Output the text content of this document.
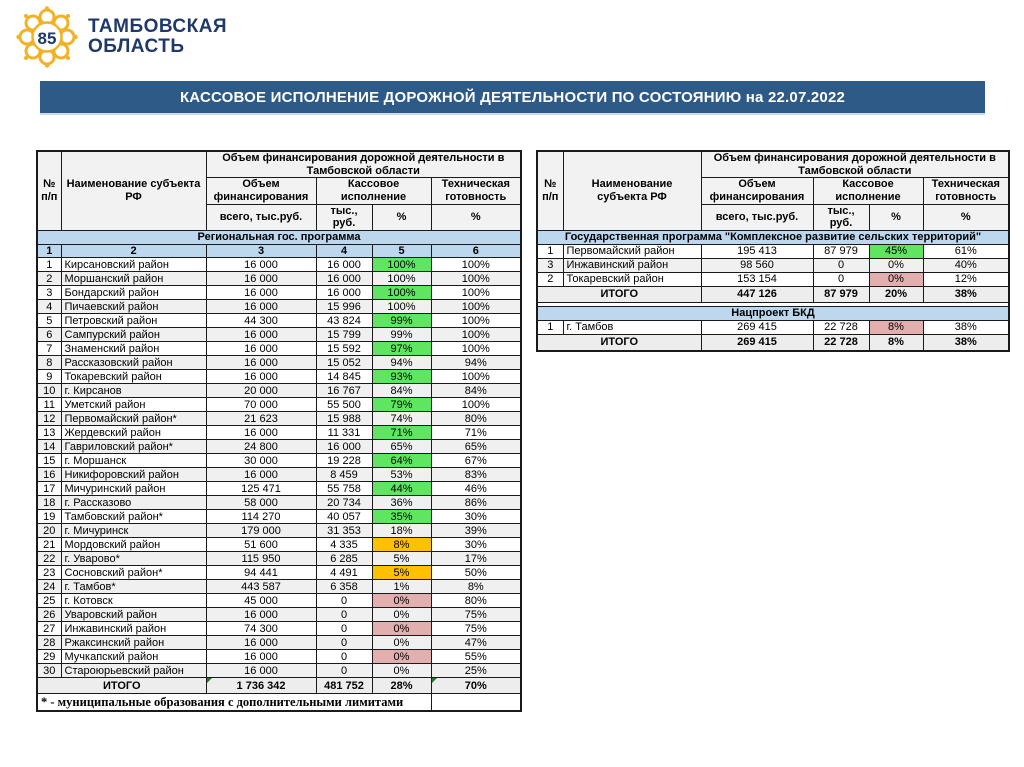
85
ТАМБОВСКАЯ
ОБЛАСТЬ
КАССОВОЕ ИСПОЛНЕНИЕ ДОРОЖНОЙ ДЕЯТЕЛЬНОСТИ ПО СОСТОЯНИЮ на 22.07.2022
№ п/п	Наименование субъекта РФ	Объем финансирования дорожной деятельности в Тамбовской области			
		Объем финансирования	Кассовое исполнение		Техническая готовность
		всего, тыс.руб.	тыс., руб.	%	%
Региональная гос. программа					
1	2	3	4	5	6
1	Кирсановский район	16 000	16 000	100%	100%
2	Моршанский район	16 000	16 000	100%	100%
3	Бондарский район	16 000	16 000	100%	100%
4	Пичаевский район	16 000	15 996	100%	100%
5	Петровский район	44 300	43 824	99%	100%
6	Сампурский район	16 000	15 799	99%	100%
7	Знаменский район	16 000	15 592	97%	100%
8	Рассказовский район	16 000	15 052	94%	94%
9	Токаревский район	16 000	14 845	93%	100%
10	г. Кирсанов	20 000	16 767	84%	84%
11	Уметский район	70 000	55 500	79%	100%
12	Первомайский район*	21 623	15 988	74%	80%
13	Жердевский район	16 000	11 331	71%	71%
14	Гавриловский район*	24 800	16 000	65%	65%
15	г. Моршанск	30 000	19 228	64%	67%
16	Никифоровский район	16 000	8 459	53%	83%
17	Мичуринский район	125 471	55 758	44%	46%
18	г. Рассказово	58 000	20 734	36%	86%
19	Тамбовский район*	114 270	40 057	35%	30%
20	г. Мичуринск	179 000	31 353	18%	39%
21	Мордовский район	51 600	4 335	8%	30%
22	г. Уварово*	115 950	6 285	5%	17%
23	Сосновский район*	94 441	4 491	5%	50%
24	г. Тамбов*	443 587	6 358	1%	8%
25	г. Котовск	45 000	0	0%	80%
26	Уваровский район	16 000	0	0%	75%
27	Инжавинский район	74 300	0	0%	75%
28	Ржаксинский район	16 000	0	0%	47%
29	Мучкапский район	16 000	0	0%	55%
30	Староюрьевский район	16 000	0	0%	25%
ИТОГО		1 736 342	481 752	28%	70%
* - муниципальные образования с дополнительными лимитами					
№ п/п	Наименование субъекта РФ	Объем финансирования дорожной деятельности в Тамбовской области			
		Объем финансирования	Кассовое исполнение		Техническая готовность
		всего, тыс.руб.	тыс., руб.	%	%
Государственная программа "Комплексное развитие сельских территорий"					
1	Первомайский район	195 413	87 979	45%	61%
3	Инжавинский район	98 560	0	0%	40%
2	Токаревский район	153 154	0	0%	12%
ИТОГО		447 126	87 979	20%	38%

Нацпроект БКД					
1	г. Тамбов	269 415	22 728	8%	38%
ИТОГО		269 415	22 728	8%	38%
